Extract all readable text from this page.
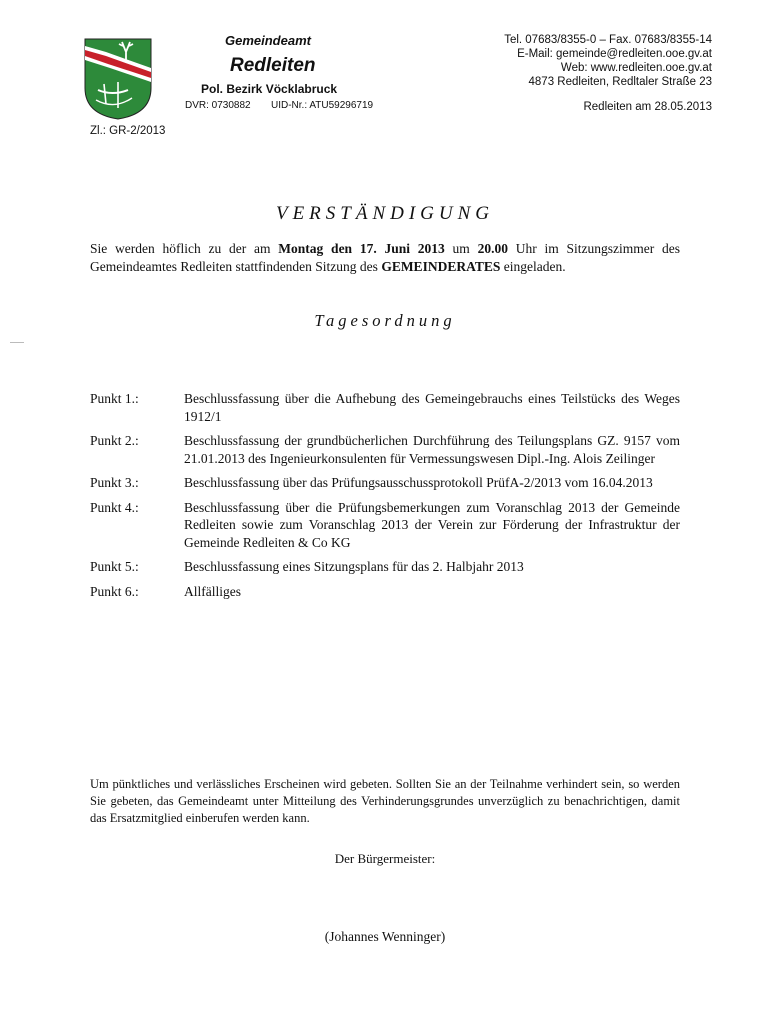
Gemeindeamt
Redleiten
Pol. Bezirk Vöcklabruck
DVR: 0730882 UID-Nr.: ATU59296719
Tel. 07683/8355-0 – Fax. 07683/8355-14
E-Mail: gemeinde@redleiten.ooe.gv.at
Web: www.redleiten.ooe.gv.at
4873 Redleiten, Redltaler Straße 23
Redleiten am 28.05.2013
Zl.: GR-2/2013
VERSTÄNDIGUNG
Sie werden höflich zu der am Montag den 17. Juni 2013 um 20.00 Uhr im Sitzungszimmer des Gemeindeamtes Redleiten stattfindenden Sitzung des GEMEINDERATES eingeladen.
Tagesordnung
Punkt 1.:	Beschlussfassung über die Aufhebung des Gemeingebrauchs eines Teilstücks des Weges 1912/1
Punkt 2.:	Beschlussfassung der grundbücherlichen Durchführung des Teilungsplans GZ. 9157 vom 21.01.2013 des Ingenieurkonsulenten für Vermessungswesen Dipl.-Ing. Alois Zeilinger
Punkt 3.:	Beschlussfassung über das Prüfungsausschussprotokoll PrüfA-2/2013 vom 16.04.2013
Punkt 4.:	Beschlussfassung über die Prüfungsbemerkungen zum Voranschlag 2013 der Gemeinde Redleiten sowie zum Voranschlag 2013 der Verein zur Förderung der Infrastruktur der Gemeinde Redleiten & Co KG
Punkt 5.:	Beschlussfassung eines Sitzungsplans für das 2. Halbjahr 2013
Punkt 6.:	Allfälliges
Um pünktliches und verlässliches Erscheinen wird gebeten. Sollten Sie an der Teilnahme verhindert sein, so werden Sie gebeten, das Gemeindeamt unter Mitteilung des Verhinderungsgrundes unverzüglich zu benachrichtigen, damit das Ersatzmitglied einberufen werden kann.
Der Bürgermeister:
(Johannes Wenninger)
